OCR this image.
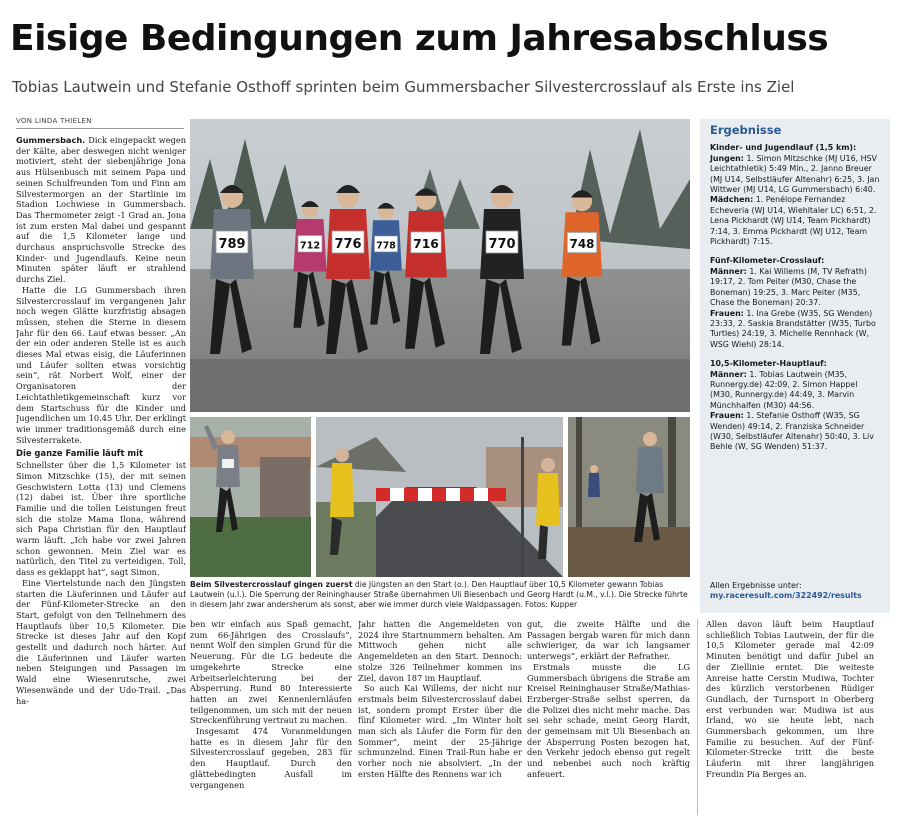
Eisige Bedingungen zum Jahresabschluss
Tobias Lautwein und Stefanie Osthoff sprinten beim Gummersbacher Silvestercrosslauf als Erste ins Ziel
VON LINDA THIELEN

Gummersbach. Dick eingepackt wegen der Kälte, aber deswegen nicht weniger motiviert, steht der siebenjährige Jona aus Hülsenbusch mit seinem Papa und seinen Schulfreunden Tom und Finn am Silvestermorgen an der Startlinie im Stadion Lochwiese in Gummersbach. Das Thermometer zeigt -1 Grad an. Jona ist zum ersten Mal dabei und gespannt auf die 1,5 Kilometer lange und durchaus anspruchsvolle Strecke des Kinder- und Jugendlaufs. Keine neun Minuten später läuft er strahlend durchs Ziel.

Hatte die LG Gummersbach ihren Silvestercrosslauf im vergangenen Jahr noch wegen Glätte kurzfristig absagen müssen, stehen die Sterne in diesem Jahr für den 66. Lauf etwas besser. „An der ein oder anderen Stelle ist es auch dieses Mal etwas eisig, die Läuferinnen und Läufer sollten etwas vorsichtig sein“, rät Norbert Wolf, einer der Organisatoren der Leichtathletikgemeinschaft kurz vor dem Startschuss für die Kinder und Jugendlichen um 10.45 Uhr. Der erklingt wie immer traditionsgemäß durch eine Silvesterrakete.

Die ganze Familie läuft mit

Schnellster über die 1,5 Kilometer ist Simon Mitzschke (15), der mit seinen Geschwistern Lotta (13) und Clemens (12) dabei ist. Über ihre sportliche Familie und die tollen Leistungen freut sich die stolze Mama Ilona, während sich Papa Christian für den Hauptlauf warm läuft. „Ich habe vor zwei Jahren schon gewonnen. Mein Ziel war es natürlich, den Titel zu verteidigen. Toll, dass es geklappt hat“, sagt Simon.

Eine Viertelstunde nach den Jüngsten starten die Läuferinnen und Läufer auf der Fünf-Kilometer-Strecke an den Start, gefolgt von den Teilnehmern des Hauptlaufs über 10,5 Kilometer. Die Strecke ist dieses Jahr auf den Kopf gestellt und dadurch noch härter. Auf die Läuferinnen und Läufer warten neben Steigungen und Passagen im Wald eine Wiesenrutsche, zwei Wiesenwände und der Udo-Trail. „Das ha-

789	776	716	770	748
778
712
Beim Silvestercrosslauf gingen zuerst die Jüngsten an den Start (o.). Den Hauptlauf über 10,5 Kilometer gewann Tobias Lautwein (u.l.). Die Sperrung der Reininghauser Straße übernahmen Uli Biesenbach und Georg Hardt (u.M., v.l.). Die Strecke führte in diesem Jahr zwar andersherum als sonst, aber wie immer durch viele Waldpassagen. Fotos: Kupper
Ergebnisse
Kinder- und Jugendlauf (1,5 km):
Jungen: 1. Simon Mitzschke (MJ U16, HSV Leichtathletik) 5:49 Min., 2. Janno Breuer (MJ U14, Selbstläufer Altenahr) 6:25, 3. Jan Wittwer (MJ U14, LG Gummersbach) 6:40.
Mädchen: 1. Penélope Fernandez Echeveria (WJ U14, Wiehltaler LC) 6:51, 2. Lena Pickhardt (WJ U14, Team Pickhardt) 7:14, 3. Emma Pickhardt (WJ U12, Team Pickhardt) 7:15.
Fünf-Kilometer-Crosslauf:
Männer: 1. Kai Willems (M, TV Refrath) 19:17, 2. Tom Peiter (M30, Chase the Boneman) 19:25, 3. Marc Peiter (M35, Chase the Boneman) 20:37.
Frauen: 1. Ina Grebe (W35, SG Wenden) 23:33, 2. Saskia Brandstätter (W35, Turbo Turtles) 24:19, 3. Michelle Rennhack (W, WSG Wiehl) 28:14.
10,5-Kilometer-Hauptlauf:
Männer: 1. Tobias Lautwein (M35, Runnergy.de) 42:09, 2. Simon Happel (M30, Runnergy.de) 44:49, 3. Marvin Münchhalfen (M30) 44:56.
Frauen: 1. Stefanie Osthoff (W35, SG Wenden) 49:14, 2. Franziska Schneider (W30, Selbstläufer Altenahr) 50:40, 3. Liv Behle (W, SG Wenden) 51:37.
Allen Ergebnisse unter:
my.raceresult.com/322492/results

ben wir einfach aus Spaß gemacht, zum 66-Jährigen des Crosslaufs“, nennt Wolf den simplen Grund für die Neuerung. Für die LG bedeute die umgekehrte Strecke eine Arbeitserleichterung bei der Absperrung. Rund 80 Interessierte hatten an zwei Kennenlernläufen teilgenommen, um sich mit der neuen Streckenführung vertraut zu machen.

Insgesamt 474 Voranmeldungen hatte es in diesem Jahr für den Silvestercrosslauf gegeben, 283 für den Hauptlauf. Durch den glättebedingten Ausfall im vergangenen

Jahr hatten die Angemeldeten von 2024 ihre Startnummern behalten. Am Mittwoch gehen nicht alle Angemeldeten an den Start. Dennoch: stolze 326 Teilnehmer kommen ins Ziel, davon 187 im Hauptlauf.

So auch Kai Willems, der nicht nur erstmals beim Silvestercrosslauf dabei ist, sondern prompt Erster über die fünf Kilometer wird. „Im Winter holt man sich als Läufer die Form für den Sommer“, meint der 25-Jährige schmunzelnd. Einen Trail-Run habe er vorher noch nie absolviert. „In der ersten Hälfte des Rennens war ich

gut, die zweite Hälfte und die Passagen bergab waren für mich dann schwieriger, da war ich langsamer unterwegs“, erklärt der Refrather.

Erstmals musste die LG Gummersbach übrigens die Straße am Kreisel Reininghauser Straße/Mathias-Erzberger-Straße selbst sperren, da die Polizei dies nicht mehr mache. Das sei sehr schade, meint Georg Hardt, der gemeinsam mit Uli Biesenbach an der Absperrung Posten bezogen hat, den Verkehr jedoch ebenso gut regelt und nebenbei auch noch kräftig anfeuert.

Allen davon läuft beim Hauptlauf schließlich Tobias Lautwein, der für die 10,5 Kilometer gerade mal 42:09 Minuten benötigt und dafür Jubel an der Ziellinie erntet. Die weiteste Anreise hatte Cerstin Mudiwa, Tochter des kürzlich verstorbenen Rüdiger Gundlach, der Turnsport in Oberberg erst verbunden war. Mudiwa ist aus Irland, wo sie heute lebt, nach Gummersbach gekommen, um ihre Familie zu besuchen. Auf der Fünf-Kilometer-Strecke tritt die beste Läuferin mit ihrer langjährigen Freundin Pia Berges an.
